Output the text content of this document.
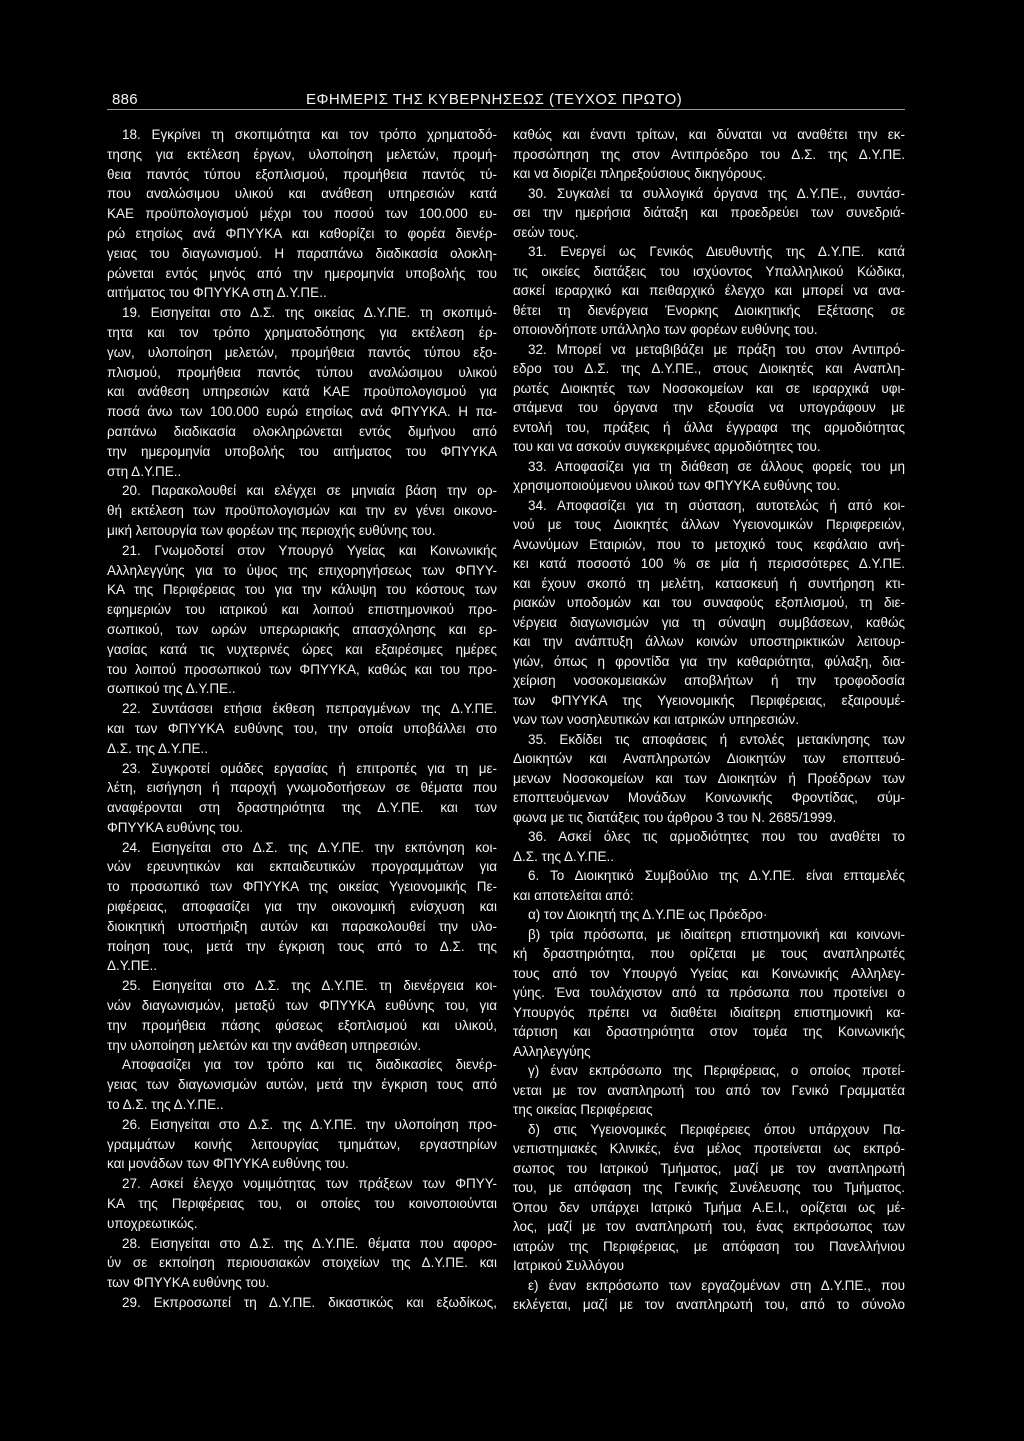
886	ΕΦΗΜΕΡΙΣ ΤΗΣ ΚΥΒΕΡΝΗΣΕΩΣ (ΤΕΥΧΟΣ ΠΡΩΤΟ)
18. Εγκρίνει τη σκοπιμότητα και τον τρόπο χρηματοδό-
τησης για εκτέλεση έργων, υλοποίηση μελετών, προμή-
θεια παντός τύπου εξοπλισμού, προμήθεια παντός τύ-
που αναλώσιμου υλικού και ανάθεση υπηρεσιών κατά
ΚΑΕ προϋπολογισμού μέχρι του ποσού των 100.000 ευ-
ρώ ετησίως ανά ΦΠΥΥΚΑ και καθορίζει το φορέα διενέρ-
γειας του διαγωνισμού. Η παραπάνω διαδικασία ολοκλη-
ρώνεται εντός μηνός από την ημερομηνία υποβολής του
αιτήματος του ΦΠΥΥΚΑ στη Δ.Υ.ΠΕ..
19. Εισηγείται στο Δ.Σ. της οικείας Δ.Υ.ΠΕ. τη σκοπιμό-
τητα και τον τρόπο χρηματοδότησης για εκτέλεση έρ-
γων, υλοποίηση μελετών, προμήθεια παντός τύπου εξο-
πλισμού, προμήθεια παντός τύπου αναλώσιμου υλικού
και ανάθεση υπηρεσιών κατά ΚΑΕ προϋπολογισμού για
ποσά άνω των 100.000 ευρώ ετησίως ανά ΦΠΥΥΚΑ. Η πα-
ραπάνω διαδικασία ολοκληρώνεται εντός διμήνου από
την ημερομηνία υποβολής του αιτήματος του ΦΠΥΥΚΑ
στη Δ.Υ.ΠΕ..
20. Παρακολουθεί και ελέγχει σε μηνιαία βάση την ορ-
θή εκτέλεση των προϋπολογισμών και την εν γένει οικονο-
μική λειτουργία των φορέων της περιοχής ευθύνης του.
21. Γνωμοδοτεί στον Υπουργό Υγείας και Κοινωνικής
Αλληλεγγύης για το ύψος της επιχορηγήσεως των ΦΠΥΥ-
ΚΑ της Περιφέρειας του για την κάλυψη του κόστους των
εφημεριών του ιατρικού και λοιπού επιστημονικού προ-
σωπικού, των ωρών υπερωριακής απασχόλησης και ερ-
γασίας κατά τις νυχτερινές ώρες και εξαιρέσιμες ημέρες
του λοιπού προσωπικού των ΦΠΥΥΚΑ, καθώς και του προ-
σωπικού της Δ.Υ.ΠΕ..
22. Συντάσσει ετήσια έκθεση πεπραγμένων της Δ.Υ.ΠΕ.
και των ΦΠΥΥΚΑ ευθύνης του, την οποία υποβάλλει στο
Δ.Σ. της Δ.Υ.ΠΕ..
23. Συγκροτεί ομάδες εργασίας ή επιτροπές για τη με-
λέτη, εισήγηση ή παροχή γνωμοδοτήσεων σε θέματα που
αναφέρονται στη δραστηριότητα της Δ.Υ.ΠΕ. και των
ΦΠΥΥΚΑ ευθύνης του.
24. Εισηγείται στο Δ.Σ. της Δ.Υ.ΠΕ. την εκπόνηση κοι-
νών ερευνητικών και εκπαιδευτικών προγραμμάτων για
το προσωπικό των ΦΠΥΥΚΑ της οικείας Υγειονομικής Πε-
ριφέρειας, αποφασίζει για την οικονομική ενίσχυση και
διοικητική υποστήριξη αυτών και παρακολουθεί την υλο-
ποίηση τους, μετά την έγκριση τους από το Δ.Σ. της
Δ.Υ.ΠΕ..
25. Εισηγείται στο Δ.Σ. της Δ.Υ.ΠΕ. τη διενέργεια κοι-
νών διαγωνισμών, μεταξύ των ΦΠΥΥΚΑ ευθύνης του, για
την προμήθεια πάσης φύσεως εξοπλισμού και υλικού,
την υλοποίηση μελετών και την ανάθεση υπηρεσιών.
Αποφασίζει για τον τρόπο και τις διαδικασίες διενέρ-
γειας των διαγωνισμών αυτών, μετά την έγκριση τους από
το Δ.Σ. της Δ.Υ.ΠΕ..
26. Εισηγείται στο Δ.Σ. της Δ.Υ.ΠΕ. την υλοποίηση προ-
γραμμάτων κοινής λειτουργίας τμημάτων, εργαστηρίων
και μονάδων των ΦΠΥΥΚΑ ευθύνης του.
27. Ασκεί έλεγχο νομιμότητας των πράξεων των ΦΠΥΥ-
ΚΑ της Περιφέρειας του, οι οποίες του κοινοποιούνται
υποχρεωτικώς.
28. Εισηγείται στο Δ.Σ. της Δ.Υ.ΠΕ. θέματα που αφορο-
ύν σε εκποίηση περιουσιακών στοιχείων της Δ.Υ.ΠΕ. και
των ΦΠΥΥΚΑ ευθύνης του.
29. Εκπροσωπεί τη Δ.Υ.ΠΕ. δικαστικώς και εξωδίκως,
καθώς και έναντι τρίτων, και δύναται να αναθέτει την εκ-
προσώπηση της στον Αντιπρόεδρο του Δ.Σ. της Δ.Υ.ΠΕ.
και να διορίζει πληρεξούσιους δικηγόρους.
30. Συγκαλεί τα συλλογικά όργανα της Δ.Υ.ΠΕ., συντάσ-
σει την ημερήσια διάταξη και προεδρεύει των συνεδριά-
σεών τους.
31. Ενεργεί ως Γενικός Διευθυντής της Δ.Υ.ΠΕ. κατά
τις οικείες διατάξεις του ισχύοντος Υπαλληλικού Κώδικα,
ασκεί ιεραρχικό και πειθαρχικό έλεγχο και μπορεί να ανα-
θέτει τη διενέργεια Ένορκης Διοικητικής Εξέτασης σε
οποιονδήποτε υπάλληλο των φορέων ευθύνης του.
32. Μπορεί να μεταβιβάζει με πράξη του στον Αντιπρό-
εδρο του Δ.Σ. της Δ.Υ.ΠΕ., στους Διοικητές και Αναπλη-
ρωτές Διοικητές των Νοσοκομείων και σε ιεραρχικά υφι-
στάμενα του όργανα την εξουσία να υπογράφουν με
εντολή του, πράξεις ή άλλα έγγραφα της αρμοδιότητας
του και να ασκούν συγκεκριμένες αρμοδιότητες του.
33. Αποφασίζει για τη διάθεση σε άλλους φορείς του μη
χρησιμοποιούμενου υλικού των ΦΠΥΥΚΑ ευθύνης του.
34. Αποφασίζει για τη σύσταση, αυτοτελώς ή από κοι-
νού με τους Διοικητές άλλων Υγειονομικών Περιφερειών,
Ανωνύμων Εταιριών, που το μετοχικό τους κεφάλαιο ανή-
κει κατά ποσοστό 100 % σε μία ή περισσότερες Δ.Υ.ΠΕ.
και έχουν σκοπό τη μελέτη, κατασκευή ή συντήρηση κτι-
ριακών υποδομών και του συναφούς εξοπλισμού, τη διε-
νέργεια διαγωνισμών για τη σύναψη συμβάσεων, καθώς
και την ανάπτυξη άλλων κοινών υποστηρικτικών λειτουρ-
γιών, όπως η φροντίδα για την καθαριότητα, φύλαξη, δια-
χείριση νοσοκομειακών αποβλήτων ή την τροφοδοσία
των ΦΠΥΥΚΑ της Υγειονομικής Περιφέρειας, εξαιρουμέ-
νων των νοσηλευτικών και ιατρικών υπηρεσιών.
35. Εκδίδει τις αποφάσεις ή εντολές μετακίνησης των
Διοικητών και Αναπληρωτών Διοικητών των εποπτευό-
μενων Νοσοκομείων και των Διοικητών ή Προέδρων των
εποπτευόμενων Μονάδων Κοινωνικής Φροντίδας, σύμ-
φωνα με τις διατάξεις του άρθρου 3 του Ν. 2685/1999.
36. Ασκεί όλες τις αρμοδιότητες που του αναθέτει το
Δ.Σ. της Δ.Υ.ΠΕ..
6. Το Διοικητικό Συμβούλιο της Δ.Υ.ΠΕ. είναι επταμελές
και αποτελείται από:
α) τον Διοικητή της Δ.Υ.ΠΕ ως Πρόεδρο·
β) τρία πρόσωπα, με ιδιαίτερη επιστημονική και κοινωνι-
κή δραστηριότητα, που ορίζεται με τους αναπληρωτές
τους από τον Υπουργό Υγείας και Κοινωνικής Αλληλεγ-
γύης. Ένα τουλάχιστον από τα πρόσωπα που προτείνει ο
Υπουργός πρέπει να διαθέτει ιδιαίτερη επιστημονική κα-
τάρτιση και δραστηριότητα στον τομέα της Κοινωνικής
Αλληλεγγύης
γ) έναν εκπρόσωπο της Περιφέρειας, ο οποίος προτεί-
νεται με τον αναπληρωτή του από τον Γενικό Γραμματέα
της οικείας Περιφέρειας
δ) στις Υγειονομικές Περιφέρειες όπου υπάρχουν Πα-
νεπιστημιακές Κλινικές, ένα μέλος προτείνεται ως εκπρό-
σωπος του Ιατρικού Τμήματος, μαζί με τον αναπληρωτή
του, με απόφαση της Γενικής Συνέλευσης του Τμήματος.
Όπου δεν υπάρχει Ιατρικό Τμήμα Α.Ε.Ι., ορίζεται ως μέ-
λος, μαζί με τον αναπληρωτή του, ένας εκπρόσωπος των
ιατρών της Περιφέρειας, με απόφαση του Πανελλήνιου
Ιατρικού Συλλόγου
ε) έναν εκπρόσωπο των εργαζομένων στη Δ.Υ.ΠΕ., που
εκλέγεται, μαζί με τον αναπληρωτή του, από το σύνολο
